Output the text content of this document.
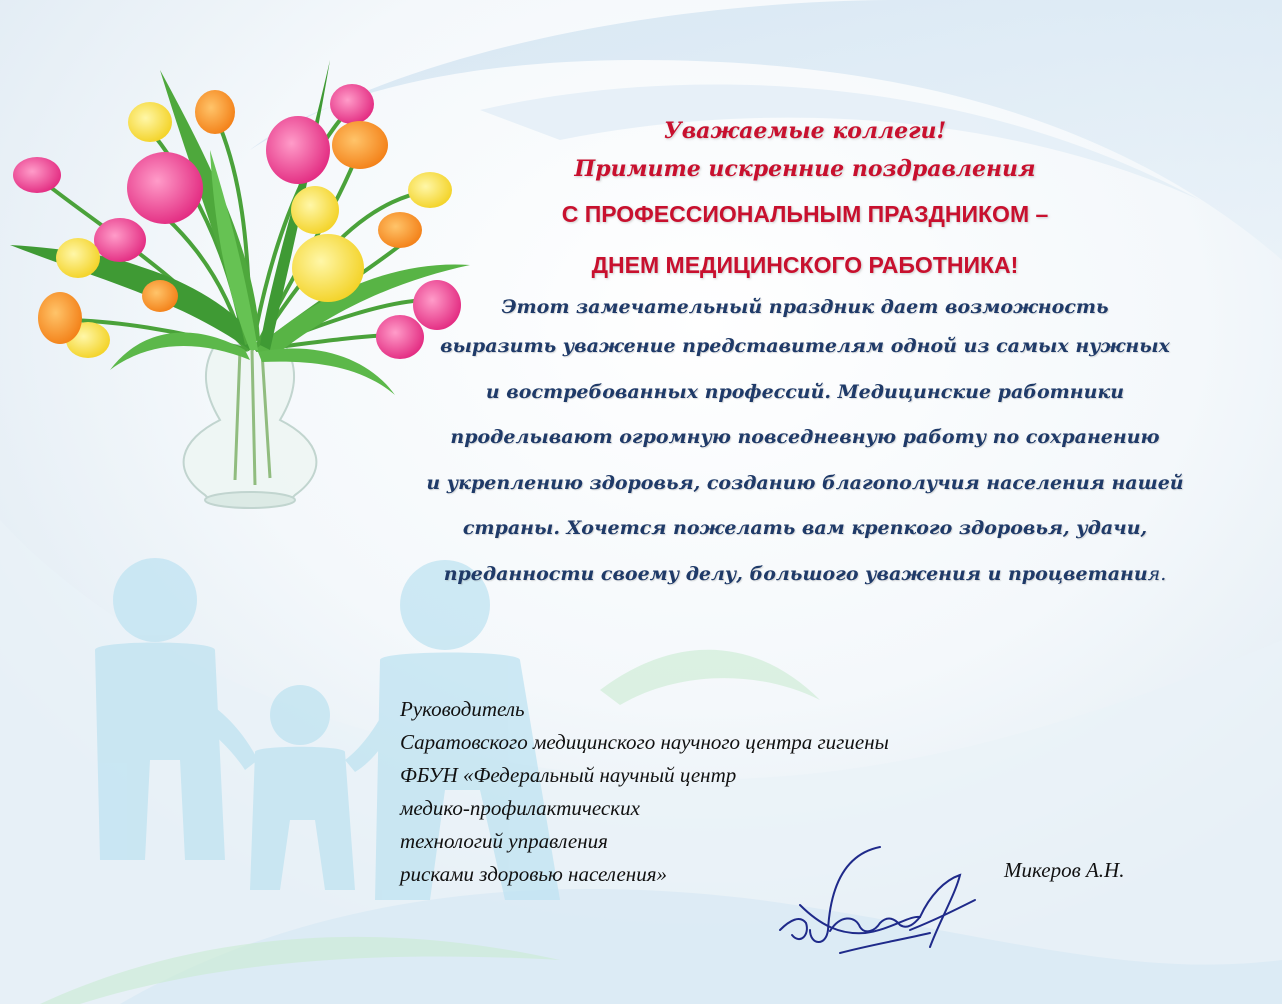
Уважаемые коллеги!
Примите искренние поздравления
С ПРОФЕССИОНАЛЬНЫМ ПРАЗДНИКОМ –
ДНЕМ МЕДИЦИНСКОГО РАБОТНИКА!
Этот замечательный праздник дает возможность
выразить уважение представителям одной из самых нужных
и востребованных профессий. Медицинские работники
проделывают огромную повседневную работу по сохранению
и укреплению здоровья, созданию благополучия населения нашей
страны. Хочется пожелать вам крепкого здоровья, удачи,
преданности своему делу, большого уважения и процветания.
Руководитель
Саратовского медицинского научного центра гигиены
ФБУН «Федеральный научный центр
медико-профилактических
технологий управления
рисками здоровью населения»	Микеров А.Н.
